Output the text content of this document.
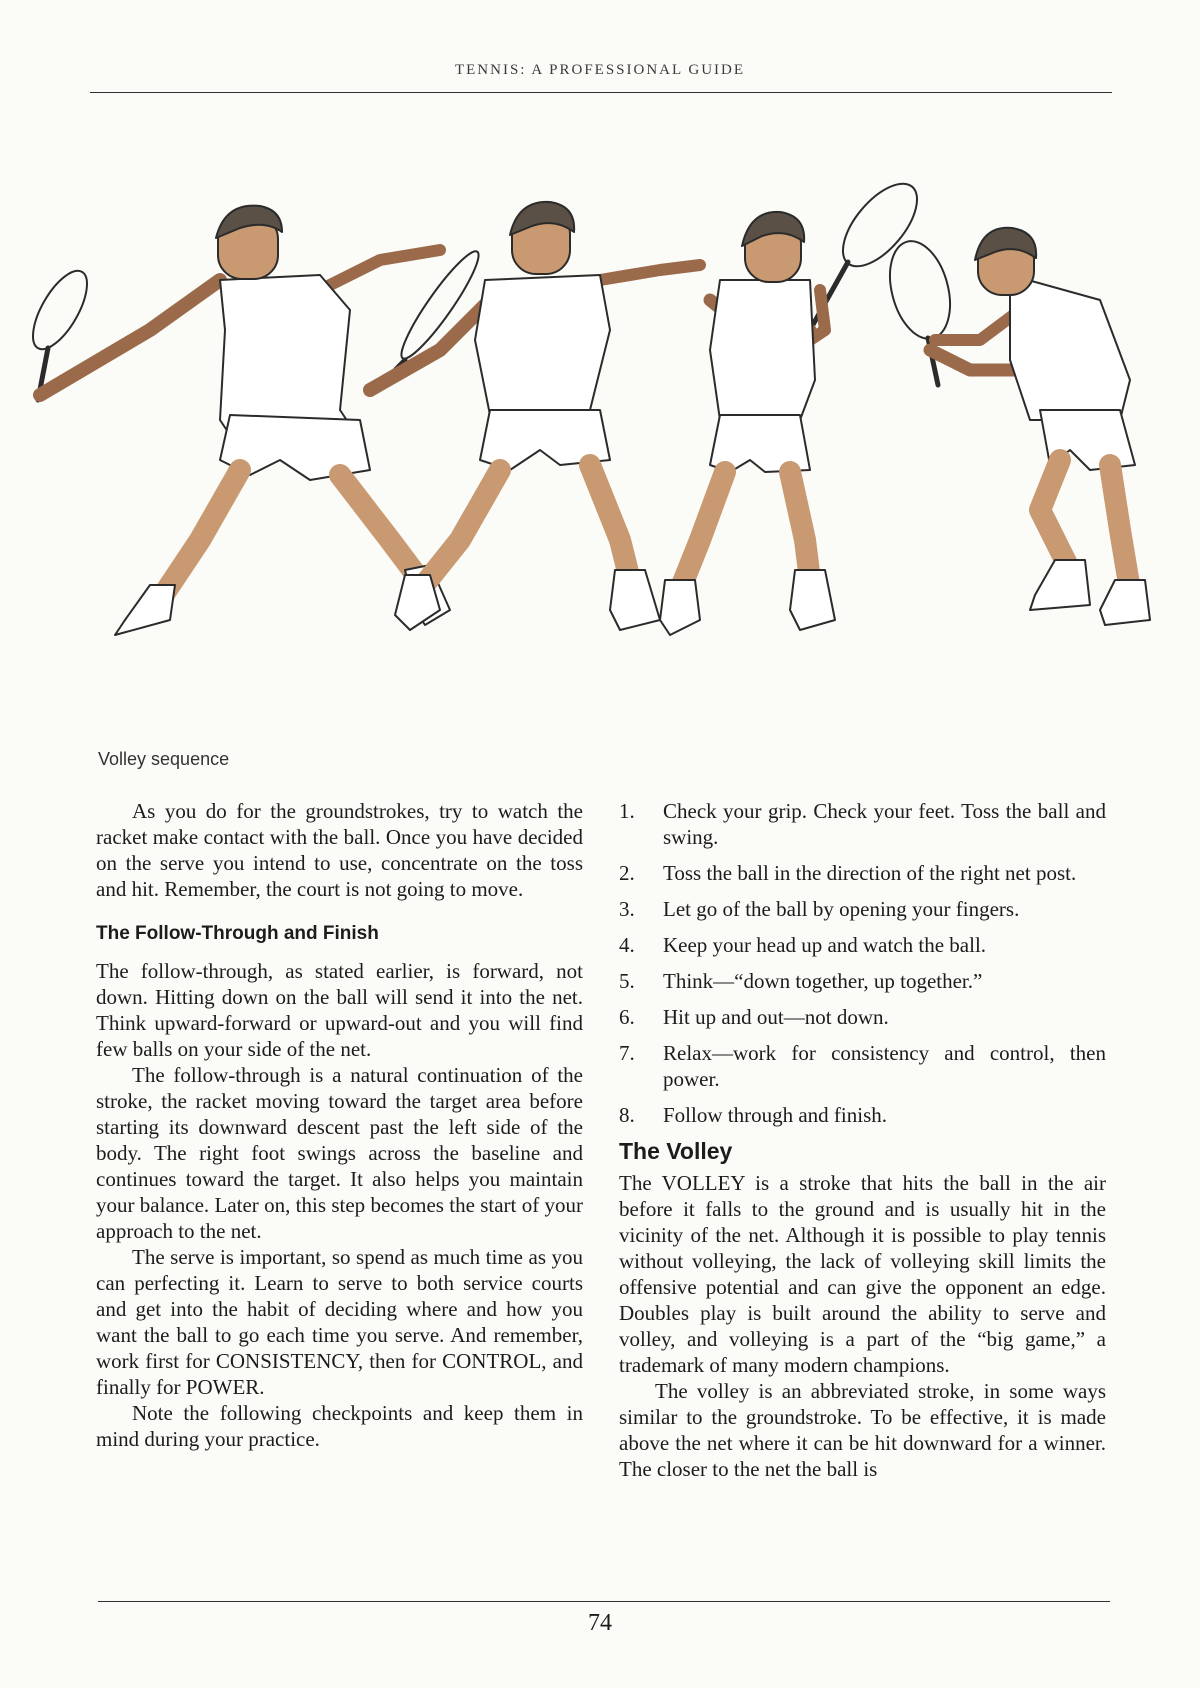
TENNIS: A PROFESSIONAL GUIDE
Volley sequence

As you do for the groundstrokes, try to watch the racket make contact with the ball. Once you have decided on the serve you intend to use, concentrate on the toss and hit. Remember, the court is not going to move.

The Follow-Through and Finish

The follow-through, as stated earlier, is forward, not down. Hitting down on the ball will send it into the net. Think upward-forward or upward-out and you will find few balls on your side of the net.

The follow-through is a natural continuation of the stroke, the racket moving toward the target area before starting its downward descent past the left side of the body. The right foot swings across the baseline and continues toward the target. It also helps you maintain your balance. Later on, this step becomes the start of your approach to the net.

The serve is important, so spend as much time as you can perfecting it. Learn to serve to both service courts and get into the habit of deciding where and how you want the ball to go each time you serve. And remember, work first for CONSISTENCY, then for CONTROL, and finally for POWER.

Note the following checkpoints and keep them in mind during your practice.

1.	Check your grip. Check your feet. Toss the ball and swing.
2.	Toss the ball in the direction of the right net post.
3.	Let go of the ball by opening your fingers.
4.	Keep your head up and watch the ball.
5.	Think—“down together, up together.”
6.	Hit up and out—not down.
7.	Relax—work for consistency and control, then power.
8.	Follow through and finish.
The Volley

The VOLLEY is a stroke that hits the ball in the air before it falls to the ground and is usually hit in the vicinity of the net. Although it is possible to play tennis without volleying, the lack of volleying skill limits the offensive potential and can give the opponent an edge. Doubles play is built around the ability to serve and volley, and volleying is a part of the “big game,” a trademark of many modern champions.

The volley is an abbreviated stroke, in some ways similar to the groundstroke. To be effective, it is made above the net where it can be hit downward for a winner. The closer to the net the ball is

74
